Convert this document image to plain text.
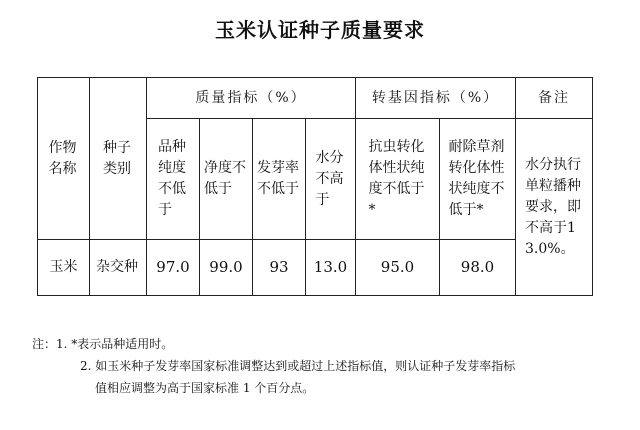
玉米认证种子质量要求
作物名称	种子类别	质量指标（%）				转基因指标（%）		备注
		品种纯度不低于	净度不低于	发芽率不低于	水分不高于	抗虫转化体性状纯度不低于*	耐除草剂转化体性状纯度不低于*	水分执行单粒播种要求，即不高于13.0%。
玉米	杂交种	97.0	99.0	93	13.0	95.0	98.0	
注：1. *表示品种适用时。
2. 如玉米种子发芽率国家标准调整达到或超过上述指标值，则认证种子发芽率指标
值相应调整为高于国家标准 1 个百分点。
